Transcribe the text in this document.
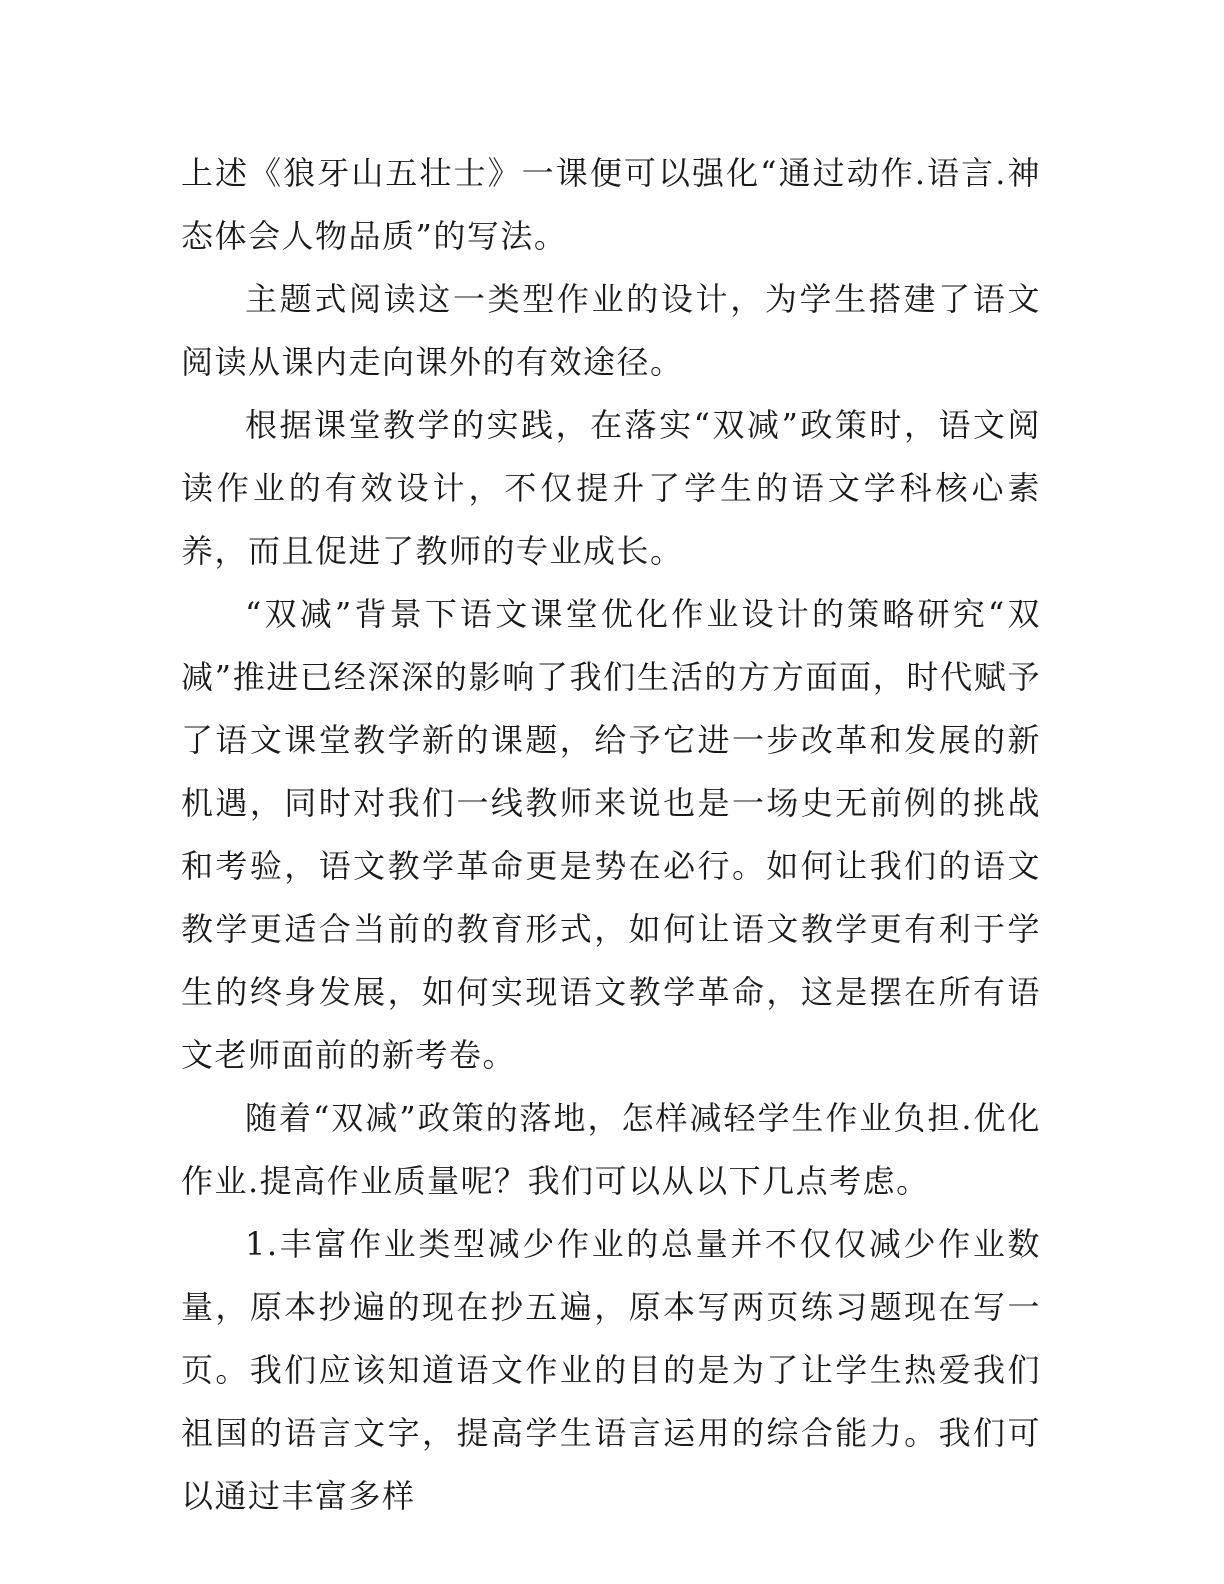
上述《狼牙山五壮士》一课便可以强化“通过动作.语言.神态体会人物品质”的写法。

主题式阅读这一类型作业的设计，为学生搭建了语文阅读从课内走向课外的有效途径。

根据课堂教学的实践，在落实“双减”政策时，语文阅读作业的有效设计，不仅提升了学生的语文学科核心素养，而且促进了教师的专业成长。

“双减”背景下语文课堂优化作业设计的策略研究“双减”推进已经深深的影响了我们生活的方方面面，时代赋予了语文课堂教学新的课题，给予它进一步改革和发展的新机遇，同时对我们一线教师来说也是一场史无前例的挑战和考验，语文教学革命更是势在必行。如何让我们的语文教学更适合当前的教育形式，如何让语文教学更有利于学生的终身发展，如何实现语文教学革命，这是摆在所有语文老师面前的新考卷。

随着“双减”政策的落地，怎样减轻学生作业负担.优化作业.提高作业质量呢？我们可以从以下几点考虑。

1.丰富作业类型减少作业的总量并不仅仅减少作业数量，原本抄遍的现在抄五遍，原本写两页练习题现在写一页。我们应该知道语文作业的目的是为了让学生热爱我们祖国的语言文字，提高学生语言运用的综合能力。我们可以通过丰富多样
